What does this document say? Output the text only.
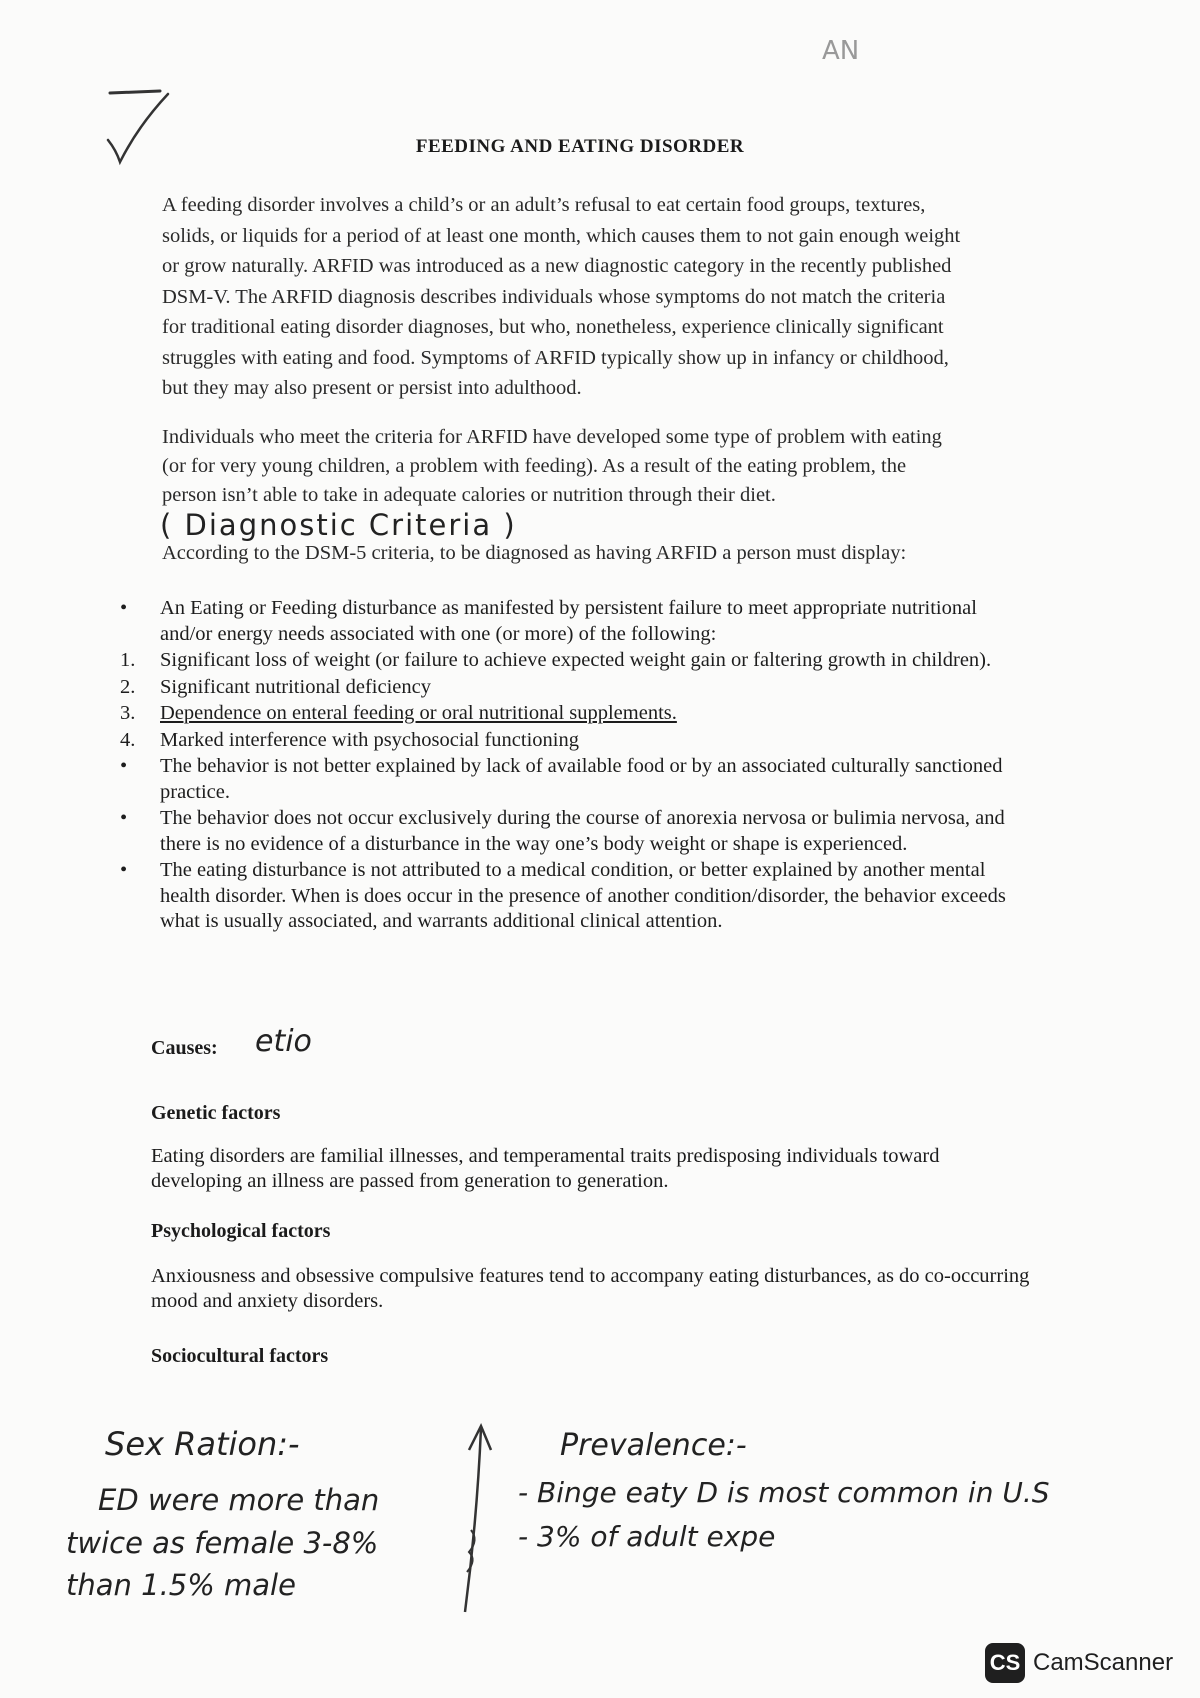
AN
FEEDING AND EATING DISORDER

A feeding disorder involves a child’s or an adult’s refusal to eat certain food groups, textures,
solids, or liquids for a period of at least one month, which causes them to not gain enough weight
or grow naturally. ARFID was introduced as a new diagnostic category in the recently published
DSM-V. The ARFID diagnosis describes individuals whose symptoms do not match the criteria
for traditional eating disorder diagnoses, but who, nonetheless, experience clinically significant
struggles with eating and food. Symptoms of ARFID typically show up in infancy or childhood,
but they may also present or persist into adulthood.

Individuals who meet the criteria for ARFID have developed some type of problem with eating
(or for very young children, a problem with feeding). As a result of the eating problem, the
person isn’t able to take in adequate calories or nutrition through their diet.

( Diagnostic Criteria )

According to the DSM-5 criteria, to be diagnosed as having ARFID a person must display:

•	An Eating or Feeding disturbance as manifested by persistent failure to meet appropriate nutritional and/or energy needs associated with one (or more) of the following:
1.	Significant loss of weight (or failure to achieve expected weight gain or faltering growth in children).
2.	Significant nutritional deficiency
3.	Dependence on enteral feeding or oral nutritional supplements.
4.	Marked interference with psychosocial functioning
•	The behavior is not better explained by lack of available food or by an associated culturally sanctioned practice.
•	The behavior does not occur exclusively during the course of anorexia nervosa or bulimia nervosa, and there is no evidence of a disturbance in the way one’s body weight or shape is experienced.
•	The eating disturbance is not attributed to a medical condition, or better explained by another mental health disorder. When is does occur in the presence of another condition/disorder, the behavior exceeds what is usually associated, and warrants additional clinical attention.
Causes: etio
Genetic factors

Eating disorders are familial illnesses, and temperamental traits predisposing individuals toward developing an illness are passed from generation to generation.

Psychological factors

Anxiousness and obsessive compulsive features tend to accompany eating disturbances, as do co-occurring mood and anxiety disorders.

Sociocultural factors
Sex Ration:-
ED were more than
twice as female 3-8%
than 1.5% male
Prevalence:-
- Binge eaty D is most common in U.S
- 3% of adult expe
CS CamScanner
